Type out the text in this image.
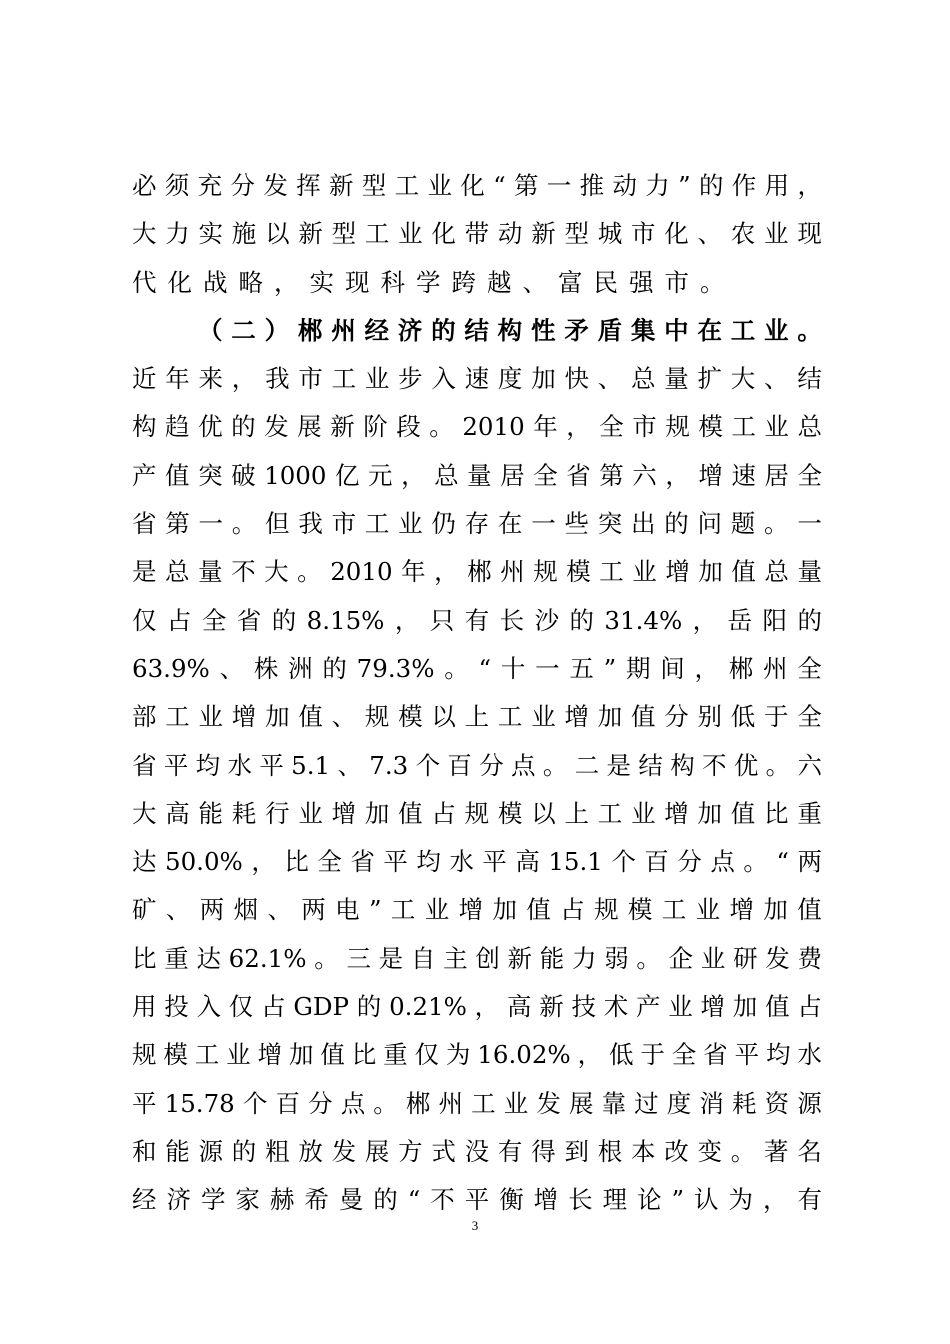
必 须 充 分 发 挥 新 型 工 业 化 “ 第 一 推 动 力 ” 的 作 用 ，
大 力 实 施 以 新 型 工 业 化 带 动 新 型 城 市 化 、 农 业 现
代化战略，实现科学跨越、富民强市。
（ 二 ） 郴 州 经 济 的 结 构 性 矛 盾 集 中 在 工 业 。
近 年 来 ， 我 市 工 业 步 入 速 度 加 快 、 总 量 扩 大 、 结
构 趋 优 的 发 展 新 阶 段 。 2010 年 ， 全 市 规 模 工 业 总
产 值 突 破 1000 亿 元 ， 总 量 居 全 省 第 六 ， 增 速 居 全
省 第 一 。 但 我 市 工 业 仍 存 在 一 些 突 出 的 问 题 。 一
是 总 量 不 大 。 2010 年 ， 郴 州 规 模 工 业 增 加 值 总 量
仅 占 全 省 的 8.15% ， 只 有 长 沙 的 31.4% ， 岳 阳 的
63.9% 、 株 洲 的 79.3% 。 “ 十 一 五 ” 期 间 ， 郴 州 全
部 工 业 增 加 值 、 规 模 以 上 工 业 增 加 值 分 别 低 于 全
省 平 均 水 平 5.1 、 7.3 个 百 分 点 。 二 是 结 构 不 优 。 六
大 高 能 耗 行 业 增 加 值 占 规 模 以 上 工 业 增 加 值 比 重
达 50.0% ， 比 全 省 平 均 水 平 高 15.1 个 百 分 点 。 “ 两
矿 、 两 烟 、 两 电 ” 工 业 增 加 值 占 规 模 工 业 增 加 值
比 重 达 62.1% 。 三 是 自 主 创 新 能 力 弱 。 企 业 研 发 费
用 投 入 仅 占 GDP 的 0.21% ， 高 新 技 术 产 业 增 加 值 占
规 模 工 业 增 加 值 比 重 仅 为 16.02% ， 低 于 全 省 平 均 水
平 15.78 个 百 分 点 。 郴 州 工 业 发 展 靠 过 度 消 耗 资 源
和 能 源 的 粗 放 发 展 方 式 没 有 得 到 根 本 改 变 。 著 名
经 济 学 家 赫 希 曼 的 “ 不 平 衡 增 长 理 论 ” 认 为 ， 有
3
